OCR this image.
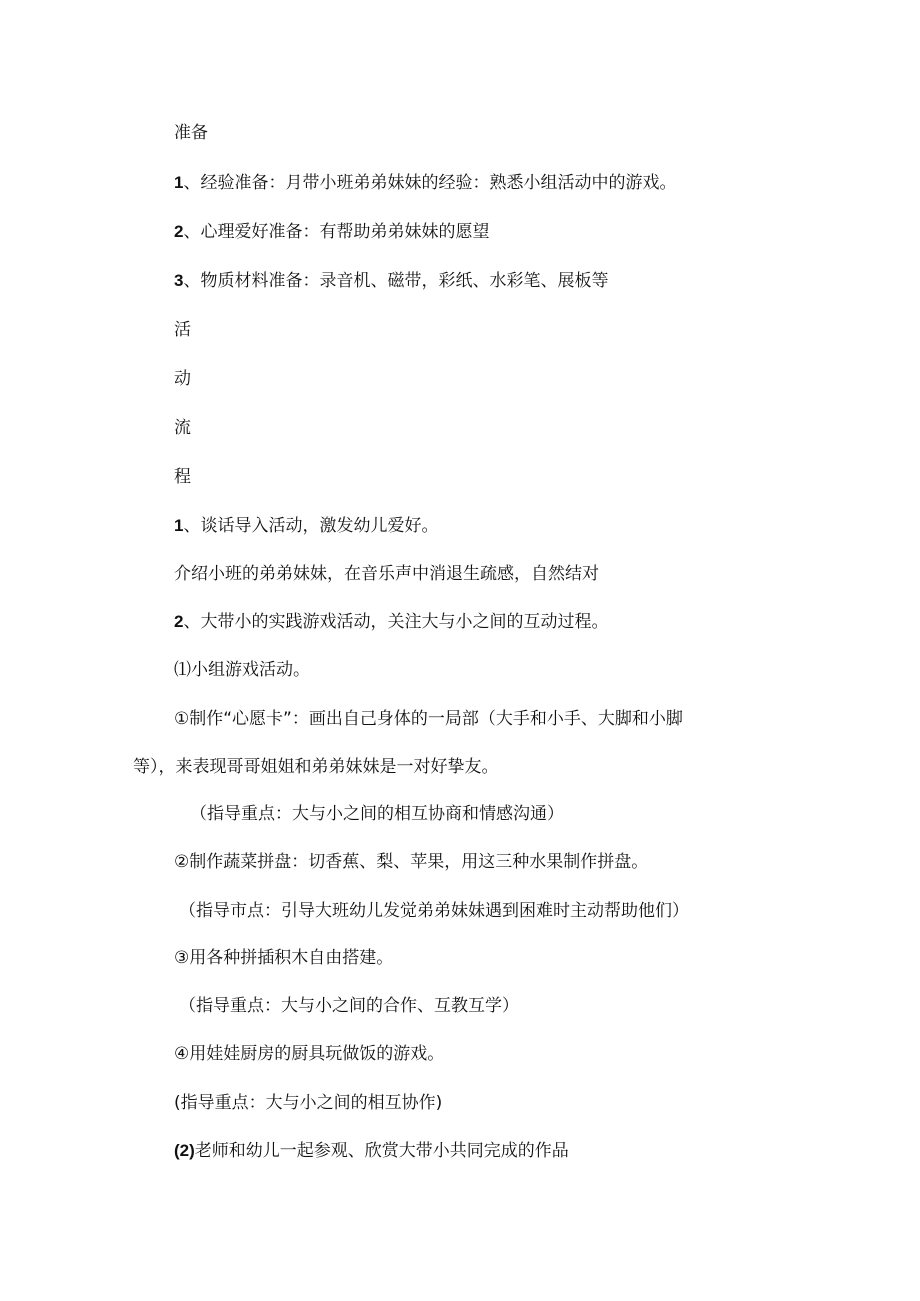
准备
1、经验准备：月带小班弟弟妹妹的经验：熟悉小组活动中的游戏。
2、心理爱好准备：有帮助弟弟妹妹的愿望
3、物质材料准备：录音机、磁带，彩纸、水彩笔、展板等
活
动
流
程
1、谈话导入活动，激发幼儿爱好。
介绍小班的弟弟妹妹，在音乐声中消退生疏感，自然结对
2、大带小的实践游戏活动，关注大与小之间的互动过程。
⑴小组游戏活动。
①制作“心愿卡”：画出自己身体的一局部（大手和小手、大脚和小脚
等），来表现哥哥姐姐和弟弟妹妹是一对好挚友。
（指导重点：大与小之间的相互协商和情感沟通）
②制作蔬菜拼盘：切香蕉、梨、苹果，用这三种水果制作拼盘。
（指导市点：引导大班幼儿发觉弟弟妹妹遇到困难时主动帮助他们）
③用各种拼插积木自由搭建。
（指导重点：大与小之间的合作、互教互学）
④用娃娃厨房的厨具玩做饭的游戏。
(指导重点：大与小之间的相互协作)
(2)老师和幼儿一起参观、欣赏大带小共同完成的作品
